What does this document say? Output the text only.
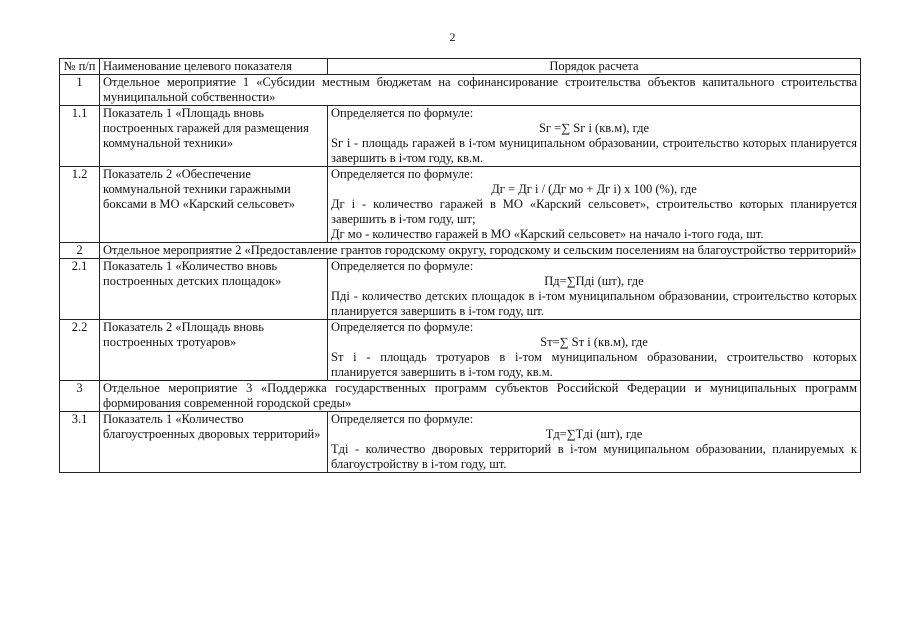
2
№ п/п	Наименование целевого показателя	Порядок расчета
1	Отдельное мероприятие 1 «Субсидии местным бюджетам на софинансирование строительства объектов капитального строительства муниципальной собственности»	
1.1	Показатель 1 «Площадь вновь построенных гаражей для размещения коммунальной техники»	Определяется по формуле:
Sг =∑ Sг i (кв.м), где
Sг i - площадь гаражей в i-том муниципальном образовании, строительство которых планируется завершить в i-том году, кв.м.

1.2	Показатель 2 «Обеспечение коммунальной техники гаражными боксами в МО «Карский сельсовет»	Определяется по формуле:
Дг = Дг i / (Дг мо + Дг i) х 100 (%), где
Дг i - количество гаражей в МО «Карский сельсовет», строительство которых планируется завершить в i-том году, шт;
Дг мо - количество гаражей в МО «Карский сельсовет» на начало i-того года, шт.

2	Отдельное мероприятие 2 «Предоставление грантов городскому округу, городскому и сельским поселениям на благоустройство территорий»	
2.1	Показатель 1 «Количество вновь построенных детских площадок»	Определяется по формуле:
Пд=∑Пдi (шт), где
Пдi - количество детских площадок в i-том муниципальном образовании, строительство которых планируется завершить в i-том году, шт.

2.2	Показатель 2 «Площадь вновь построенных тротуаров»	Определяется по формуле:
Sт=∑ Sт i (кв.м), где
Sт i - площадь тротуаров в i-том муниципальном образовании, строительство которых планируется завершить в i-том году, кв.м.

3	Отдельное мероприятие 3 «Поддержка государственных программ субъектов Российской Федерации и муниципальных программ формирования современной городской среды»	
3.1	Показатель 1 «Количество благоустроенных дворовых территорий»	Определяется по формуле:
Тд=∑Тдi (шт), где
Тдi - количество дворовых территорий в i-том муниципальном образовании, планируемых к благоустройству в i-том году, шт.
